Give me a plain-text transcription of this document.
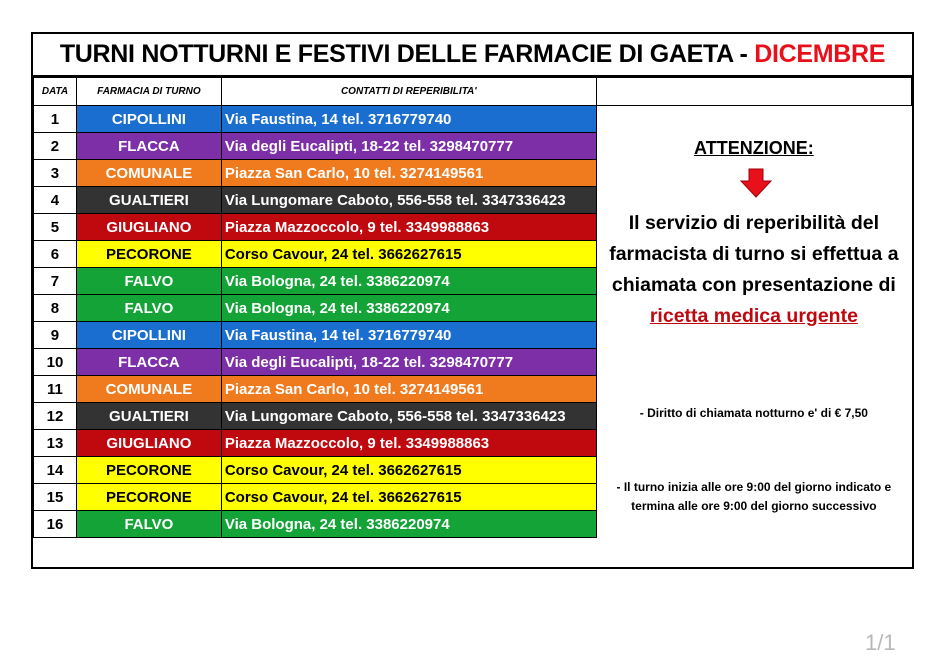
TURNI NOTTURNI E FESTIVI DELLE FARMACIE DI GAETA - DICEMBRE
DATA	FARMACIA DI TURNO	CONTATTI DI REPERIBILITA'	ATTENZIONE:
Il servizio di reperibilità del farmacista di turno si effettua a chiamata con presentazione di ricetta medica urgente
- Diritto di chiamata notturno e' di € 7,50
- Il turno inizia alle ore 9:00 del giorno indicato e termina alle ore 9:00 del giorno successivo

1	CIPOLLINI	Via Faustina, 14 tel. 3716779740	
2	FLACCA	Via degli Eucalipti, 18-22 tel. 3298470777	
3	COMUNALE	Piazza San Carlo, 10 tel. 3274149561	
4	GUALTIERI	Via Lungomare Caboto, 556-558 tel. 3347336423	
5	GIUGLIANO	Piazza Mazzoccolo, 9 tel. 3349988863	
6	PECORONE	Corso Cavour, 24 tel. 3662627615	
7	FALVO	Via Bologna, 24 tel. 3386220974	
8	FALVO	Via Bologna, 24 tel. 3386220974	
9	CIPOLLINI	Via Faustina, 14 tel. 3716779740	
10	FLACCA	Via degli Eucalipti, 18-22 tel. 3298470777	
11	COMUNALE	Piazza San Carlo, 10 tel. 3274149561	
12	GUALTIERI	Via Lungomare Caboto, 556-558 tel. 3347336423	
13	GIUGLIANO	Piazza Mazzoccolo, 9 tel. 3349988863	
14	PECORONE	Corso Cavour, 24 tel. 3662627615	
15	PECORONE	Corso Cavour, 24 tel. 3662627615	
16	FALVO	Via Bologna, 24 tel. 3386220974	
1/1
